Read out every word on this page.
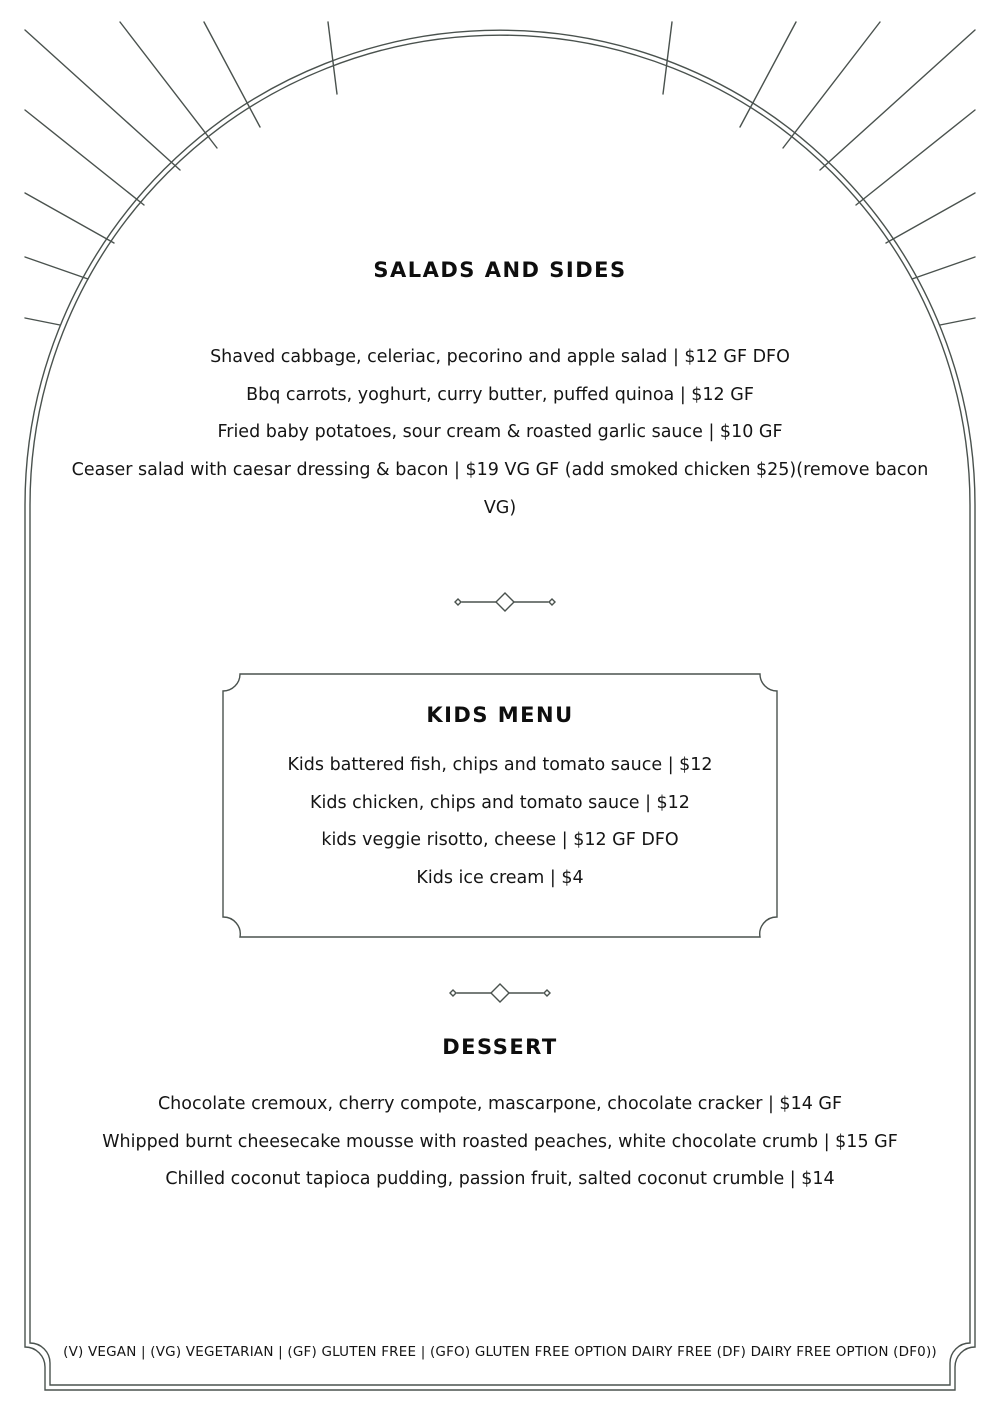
SALADS AND SIDES
Shaved cabbage, celeriac, pecorino and apple salad | $12 GF DFO
Bbq carrots, yoghurt, curry butter, puffed quinoa | $12 GF
Fried baby potatoes, sour cream & roasted garlic sauce | $10 GF
Ceaser salad with caesar dressing & bacon | $19 VG GF (add smoked chicken $25)(remove bacon VG)
KIDS MENU
Kids battered fish, chips and tomato sauce | $12
Kids chicken, chips and tomato sauce | $12
kids veggie risotto, cheese | $12 GF DFO
Kids ice cream | $4
DESSERT
Chocolate cremoux, cherry compote, mascarpone, chocolate cracker | $14 GF
Whipped burnt cheesecake mousse with roasted peaches, white chocolate crumb | $15 GF
Chilled coconut tapioca pudding, passion fruit, salted coconut crumble | $14

(V) VEGAN | (VG) VEGETARIAN | (GF) GLUTEN FREE | (GFO) GLUTEN FREE OPTION DAIRY FREE (DF) DAIRY FREE OPTION (DF0))
